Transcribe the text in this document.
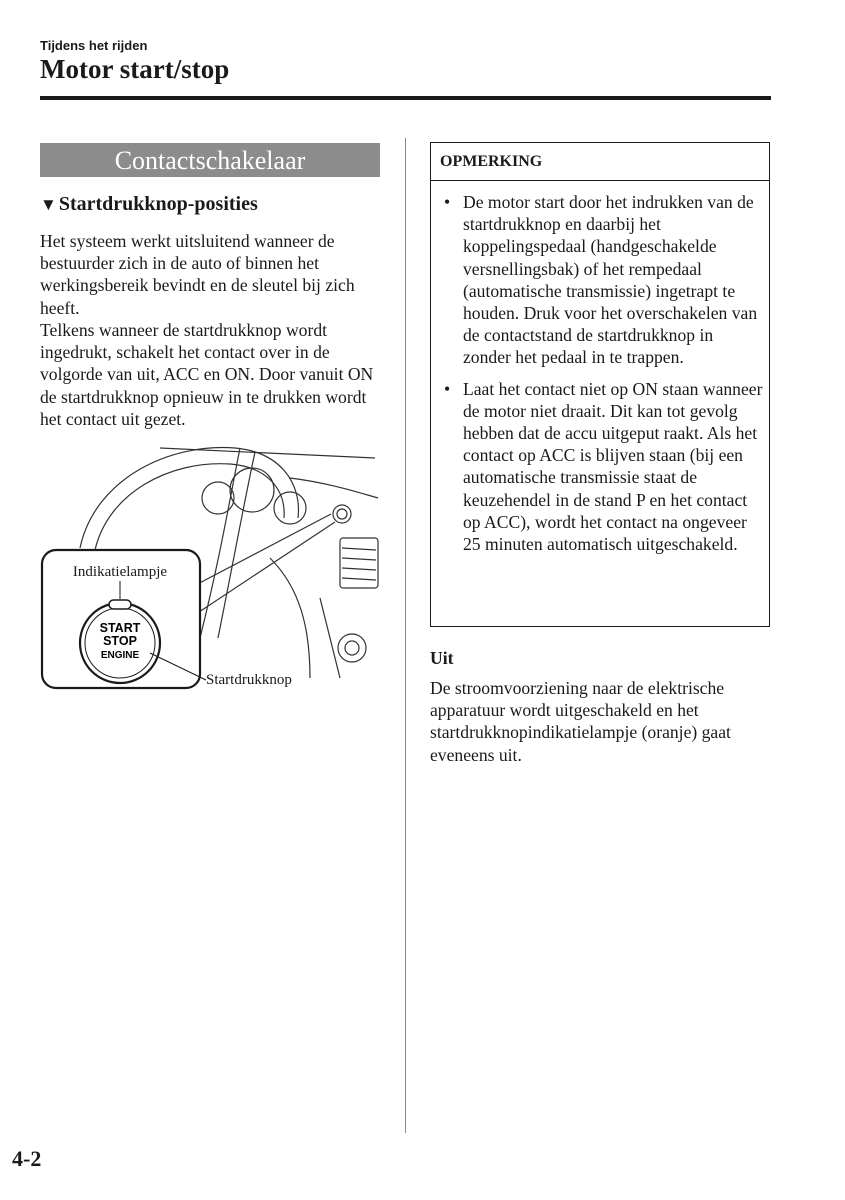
Tijdens het rijden
Motor start/stop
Contactschakelaar
▼ Startdrukknop-posities

Het systeem werkt uitsluitend wanneer de bestuurder zich in de auto of binnen het werkingsbereik bevindt en de sleutel bij zich heeft.

Telkens wanneer de startdrukknop wordt ingedrukt, schakelt het contact over in de volgorde van uit, ACC en ON. Door vanuit ON de startdrukknop opnieuw in te drukken wordt het contact uit gezet.

START
STOP
ENGINE
Indikatielampje
Startdrukknop
OPMERKING
• De motor start door het indrukken van de startdrukknop en daarbij het koppelingspedaal (handgeschakelde versnellingsbak) of het rempedaal (automatische transmissie) ingetrapt te houden. Druk voor het overschakelen van de contactstand de startdrukknop in zonder het pedaal in te trappen.
• Laat het contact niet op ON staan wanneer de motor niet draait. Dit kan tot gevolg hebben dat de accu uitgeput raakt. Als het contact op ACC is blijven staan (bij een automatische transmissie staat de keuzehendel in de stand P en het contact op ACC), wordt het contact na ongeveer 25 minuten automatisch uitgeschakeld.
Uit

De stroomvoorziening naar de elektrische apparatuur wordt uitgeschakeld en het startdrukknopindikatielampje (oranje) gaat eveneens uit.

4-2
